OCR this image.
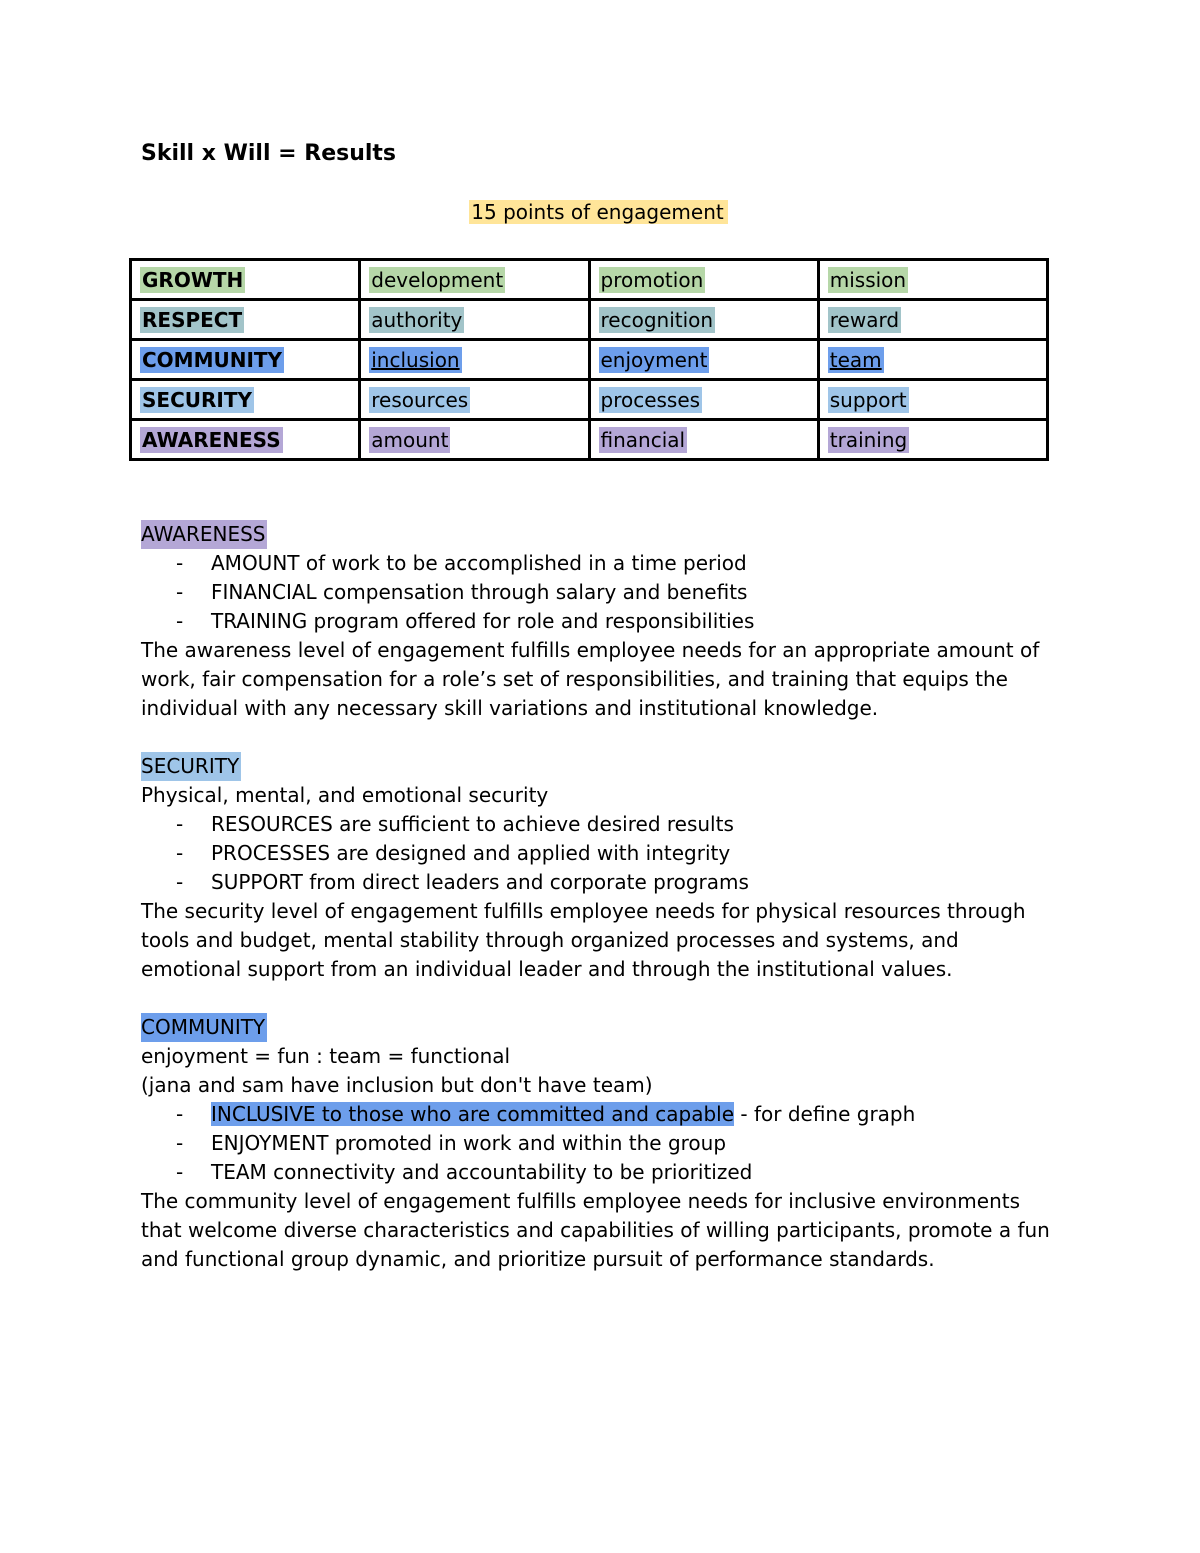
Skill x Will = Results
15 points of engagement
GROWTH	development	promotion	mission
RESPECT	authority	recognition	reward
COMMUNITY	inclusion	enjoyment	team
SECURITY	resources	processes	support
AWARENESS	amount	financial	training
AWARENESS
- AMOUNT of work to be accomplished in a time period
- FINANCIAL compensation through salary and benefits
- TRAINING program offered for role and responsibilities

The awareness level of engagement fulfills employee needs for an appropriate amount of work, fair compensation for a role’s set of responsibilities, and training that equips the individual with any necessary skill variations and institutional knowledge.

SECURITY

Physical, mental, and emotional security

- RESOURCES are sufficient to achieve desired results
- PROCESSES are designed and applied with integrity
- SUPPORT from direct leaders and corporate programs

The security level of engagement fulfills employee needs for physical resources through tools and budget, mental stability through organized processes and systems, and emotional support from an individual leader and through the institutional values.

COMMUNITY

enjoyment = fun : team = functional

(jana and sam have inclusion but don't have team)

- INCLUSIVE to those who are committed and capable - for define graph
- ENJOYMENT promoted in work and within the group
- TEAM connectivity and accountability to be prioritized

The community level of engagement fulfills employee needs for inclusive environments that welcome diverse characteristics and capabilities of willing participants, promote a fun and functional group dynamic, and prioritize pursuit of performance standards.
